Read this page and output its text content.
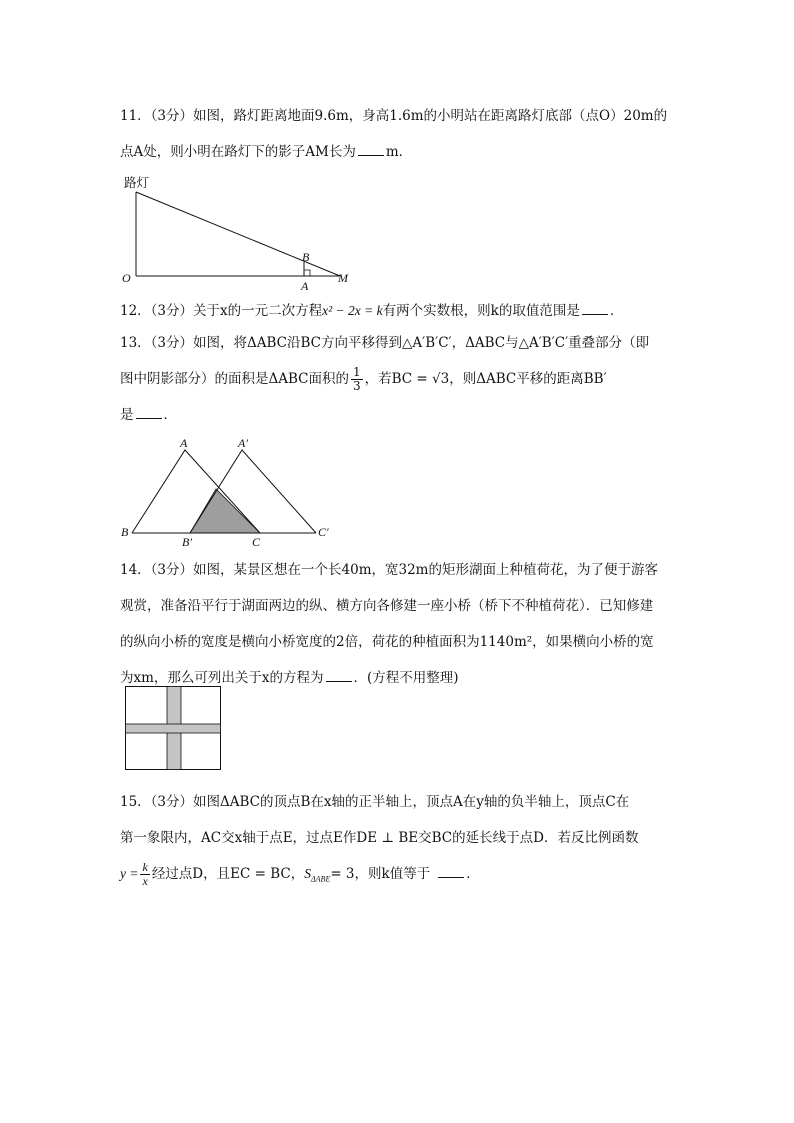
11．（3分）如图，路灯距离地面9.6m，身高1.6m的小明站在距离路灯底部（点O）20m的
点A处，则小明在路灯下的影子AM长为 m．
路灯
O
A
B
M
12．（3分）关于x的一元二次方程x² − 2x = k有两个实数根，则k的取值范围是 ．
13．（3分）如图，将ΔABC沿BC方向平移得到△A′B′C′，ΔABC与△A′B′C′重叠部分（即
图中阴影部分）的面积是ΔABC面积的 $\frac{1}{3}$ ，若BC = √3，则ΔABC平移的距离BB′
是 ．
A	A′
B
B′	C
C′
14．（3分）如图，某景区想在一个长40m，宽32m的矩形湖面上种植荷花，为了便于游客
观赏，准备沿平行于湖面两边的纵、横方向各修建一座小桥（桥下不种植荷花）．已知修建
的纵向小桥的宽度是横向小桥宽度的2倍，荷花的种植面积为1140m²，如果横向小桥的宽
为xm，那么可列出关于x的方程为 ．(方程不用整理)
15．（3分）如图ΔABC的顶点B在x轴的正半轴上，顶点A在y轴的负半轴上，顶点C在
第一象限内，AC交x轴于点E，过点E作DE ⊥ BE交BC的延长线于点D．若反比例函数
$y = \frac{k}{x}$ 经过点D，且EC = BC，$S_{\Delta ABE}= 3$，则k值等于	．
